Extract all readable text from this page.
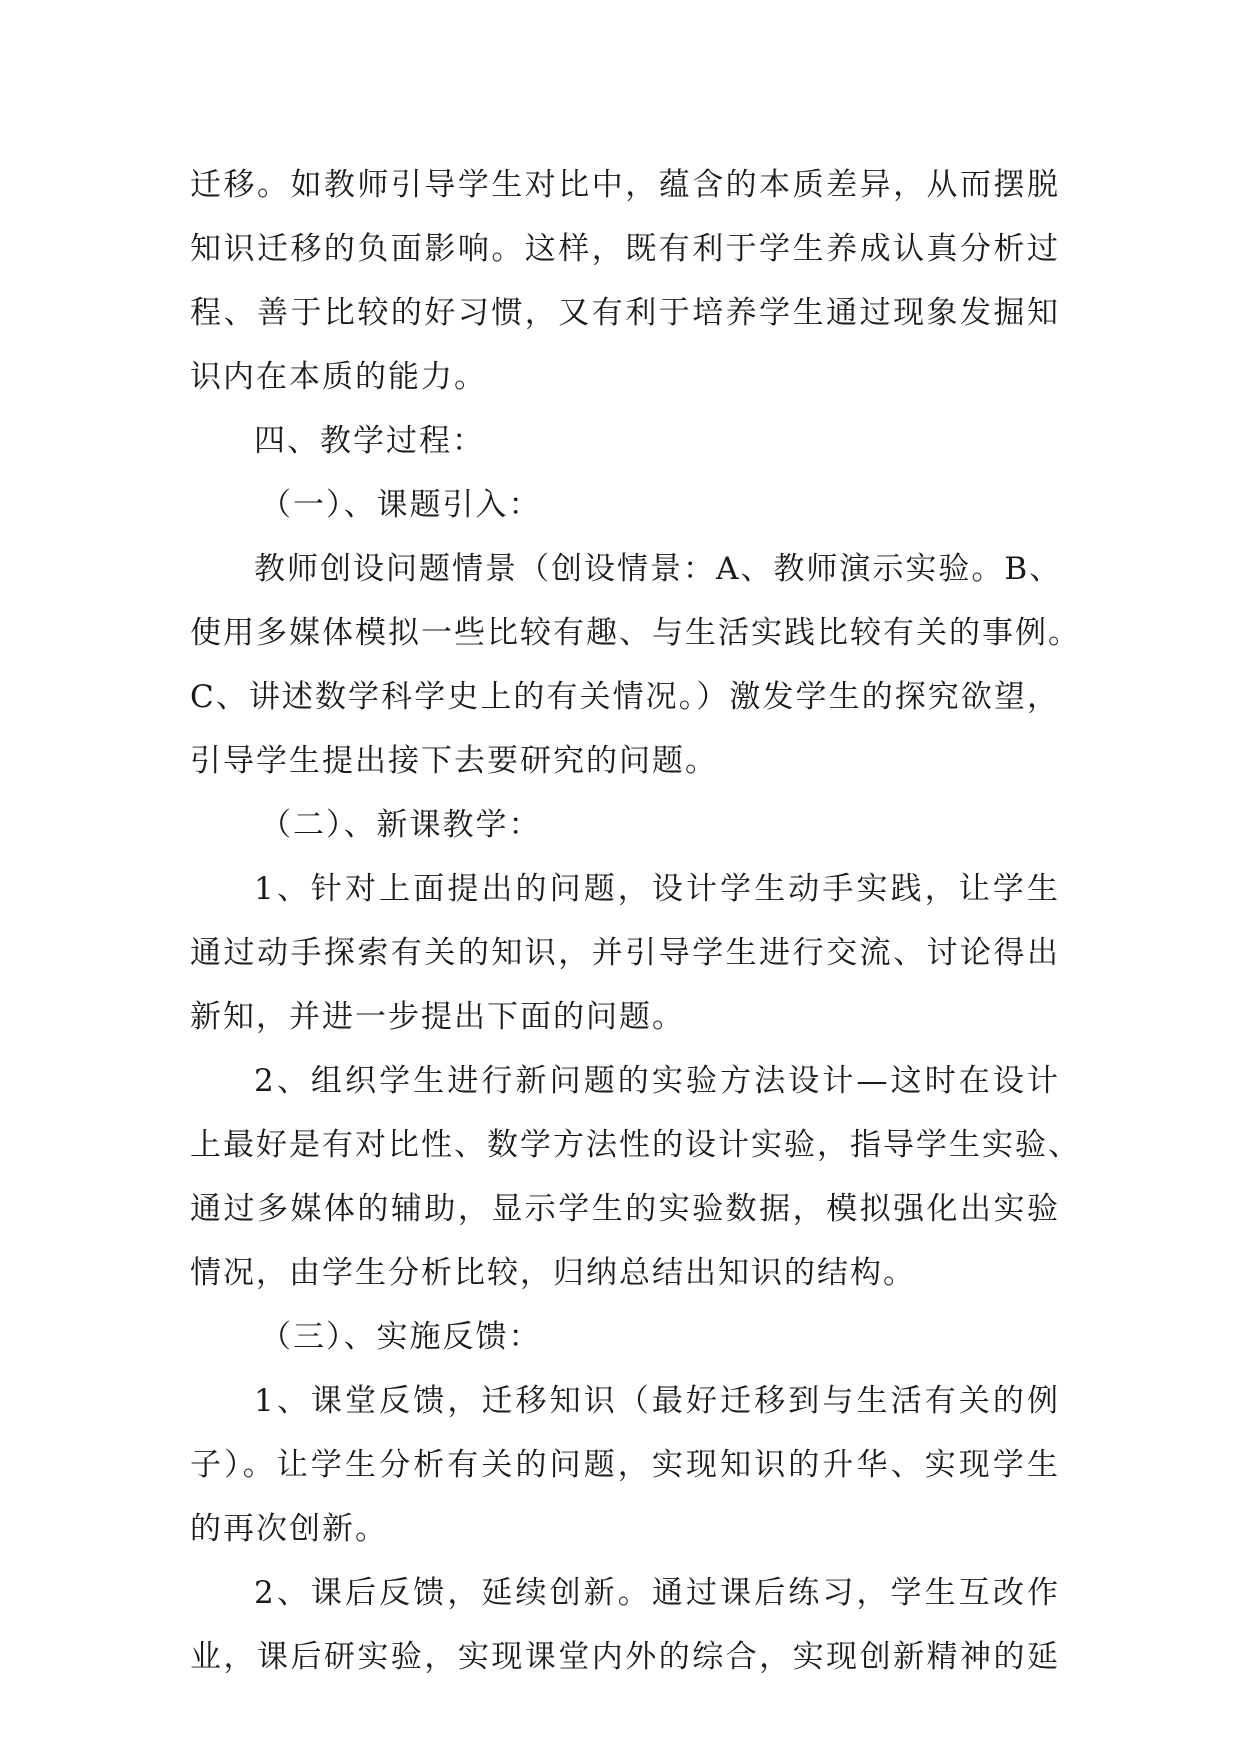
迁移。如教师引导学生对比中，蕴含的本质差异，从而摆脱
知识迁移的负面影响。这样，既有利于学生养成认真分析过
程、善于比较的好习惯，又有利于培养学生通过现象发掘知
识内在本质的能力。
四、教学过程：
（一）、课题引入：
教师创设问题情景（创设情景：A、教师演示实验。B、
使用多媒体模拟一些比较有趣、与生活实践比较有关的事例。
C、讲述数学科学史上的有关情况。）激发学生的探究欲望，
引导学生提出接下去要研究的问题。
（二）、新课教学：
1、针对上面提出的问题，设计学生动手实践，让学生
通过动手探索有关的知识，并引导学生进行交流、讨论得出
新知，并进一步提出下面的问题。
2、组织学生进行新问题的实验方法设计—这时在设计
上最好是有对比性、数学方法性的设计实验，指导学生实验、
通过多媒体的辅助，显示学生的实验数据，模拟强化出实验
情况，由学生分析比较，归纳总结出知识的结构。
（三）、实施反馈：
1、课堂反馈，迁移知识（最好迁移到与生活有关的例
子）。让学生分析有关的问题，实现知识的升华、实现学生
的再次创新。
2、课后反馈，延续创新。通过课后练习，学生互改作
业，课后研实验，实现课堂内外的综合，实现创新精神的延
